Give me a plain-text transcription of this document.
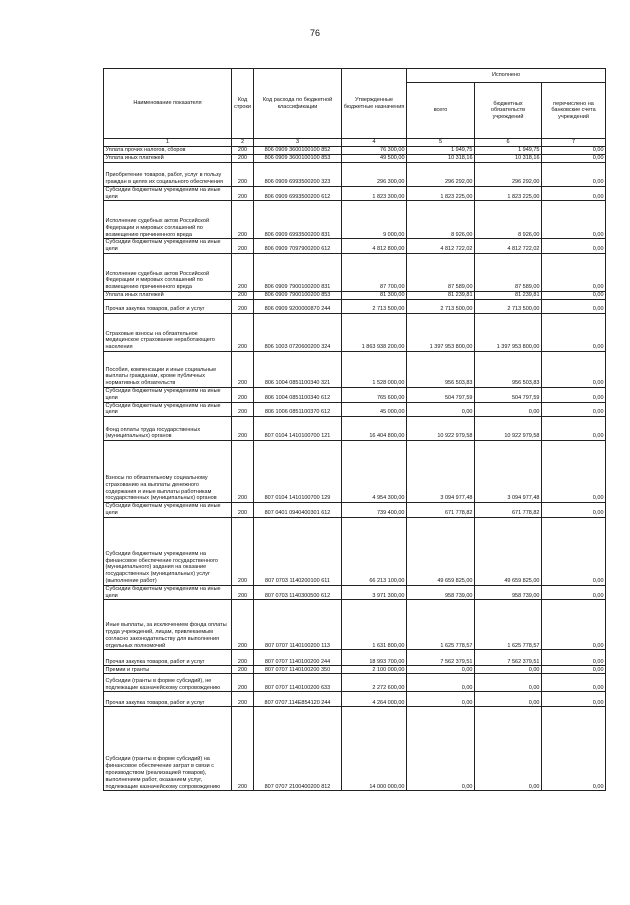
76
Наименование показателя	Код строки	Код расхода по бюджетной классификации	Утвержденные бюджетные назначения	Исполнено		
				всего	бюджетных обязательств учреждений	перечислено на банковские счета учреждений
1	2	3	4	5	6	7
Уплата прочих налогов, сборов	200	806 0909 3600100100 852	76 300,00	1 949,75	1 949,75	0,00
Уплата иных платежей	200	806 0909 3600100100 853	49 500,00	10 318,16	10 318,16	0,00
Приобретение товаров, работ, услуг в пользу граждан в целях их социального обеспечения	200	806 0909 6993500200 323	296 300,00	296 292,00	296 292,00	0,00
Субсидии бюджетным учреждениям на иные цели	200	806 0909 6993500200 612	1 823 300,00	1 823 225,00	1 823 225,00	0,00
Исполнение судебных актов Российской Федерации и мировых соглашений по возмещению причиненного вреда	200	806 0909 6993500200 831	9 000,00	8 926,00	8 926,00	0,00
Субсидии бюджетным учреждениям на иные цели	200	806 0909 7097900200 612	4 812 800,00	4 812 722,02	4 812 722,02	0,00
Исполнение судебных актов Российской Федерации и мировых соглашений по возмещению причиненного вреда	200	806 0909 7900100200 831	87 700,00	87 589,00	87 589,00	0,00
Уплата иных платежей	200	806 0909 7900100200 853	81 300,00	81 239,81	81 239,81	0,00
Прочая закупка товаров, работ и услуг	200	806 0909 9200000870 244	2 713 500,00	2 713 500,00	2 713 500,00	0,00
Страховые взносы на обязательное медицинское страхование неработающего населения	200	806 1003 0720600200 324	1 863 938 200,00	1 397 953 800,00	1 397 953 800,00	0,00
Пособия, компенсации и иные социальные выплаты гражданам, кроме публичных нормативных обязательств	200	806 1004 0851100340 321	1 528 000,00	956 503,83	956 503,83	0,00
Субсидии бюджетным учреждениям на иные цели	200	806 1004 0851100340 612	765 600,00	504 797,59	504 797,59	0,00
Субсидии бюджетным учреждениям на иные цели	200	806 1006 0851100370 612	45 000,00	0,00	0,00	0,00
Фонд оплаты труда государственных (муниципальных) органов	200	807 0104 1410100700 121	16 404 800,00	10 922 979,58	10 922 979,58	0,00
Взносы по обязательному социальному страхованию на выплаты денежного содержания и иные выплаты работникам государственных (муниципальных) органов	200	807 0104 1410100700 129	4 954 300,00	3 094 977,48	3 094 977,48	0,00
Субсидии бюджетным учреждениям на иные цели	200	807 0401 0940400301 612	739 400,00	671 778,82	671 778,82	0,00
Субсидии бюджетным учреждениям на финансовое обеспечение государственного (муниципального) задания на оказание государственных (муниципальных) услуг (выполнение работ)	200	807 0703 1140200100 611	66 213 100,00	49 659 825,00	49 659 825,00	0,00
Субсидии бюджетным учреждениям на иные цели	200	807 0703 1140300500 612	3 971 300,00	958 739,00	958 739,00	0,00
Иные выплаты, за исключением фонда оплаты труда учреждений, лицам, привлекаемым согласно законодательству для выполнения отдельных полномочий	200	807 0707 1140100200 113	1 631 800,00	1 625 778,57	1 625 778,57	0,00
Прочая закупка товаров, работ и услуг	200	807 0707 1140100200 244	18 993 700,00	7 562 379,51	7 562 379,51	0,00
Премии и гранты	200	807 0707 1140100200 350	2 100 000,00	0,00	0,00	0,00
Субсидии (гранты в форме субсидий), не подлежащие казначейскому сопровождению	200	807 0707 1140100200 633	2 272 600,00	0,00	0,00	0,00
Прочая закупка товаров, работ и услуг	200	807 0707.114E854120 244	4 264 000,00	0,00	0,00	0,00
Субсидии (гранты в форме субсидий) на финансовое обеспечение затрат в связи с производством (реализацией товаров), выполнением работ, оказанием услуг, подлежащие казначейскому сопровождению	200	807 0707 2100400200 812	14 000 000,00	0,00	0,00	0,00
